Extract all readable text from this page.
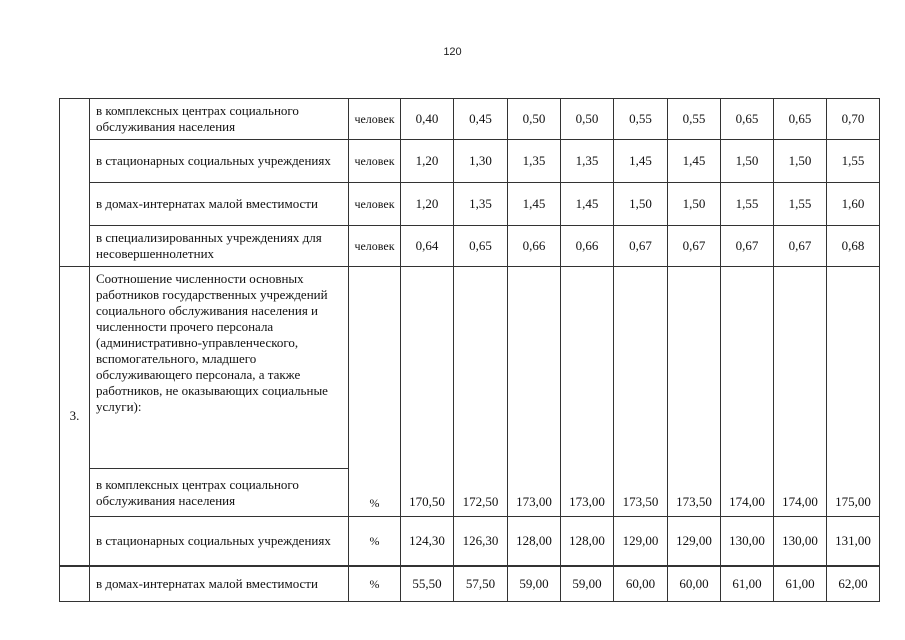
120
	в комплексных центрах социального обслуживания населения	человек	0,40	0,45	0,50	0,50	0,55	0,55	0,65	0,65	0,70
	в стационарных социальных учреждениях	человек	1,20	1,30	1,35	1,35	1,45	1,45	1,50	1,50	1,55
	в домах-интернатах малой вместимости	человек	1,20	1,35	1,45	1,45	1,50	1,50	1,55	1,55	1,60
	в специализированных учреждениях для несовершеннолетних	человек	0,64	0,65	0,66	0,66	0,67	0,67	0,67	0,67	0,68
3.	Соотношение численности основных работников государственных учреждений социального обслуживания населения и численности прочего персонала (административно-управленческого, вспомогательного, младшего обслуживающего персонала, а также работников, не оказывающих социальные услуги):										

	в комплексных центрах социального обслуживания населения	%	170,50	172,50	173,00	173,00	173,50	173,50	174,00	174,00	175,00
	в стационарных социальных учреждениях	%	124,30	126,30	128,00	128,00	129,00	129,00	130,00	130,00	131,00
	в домах-интернатах малой вместимости	%	55,50	57,50	59,00	59,00	60,00	60,00	61,00	61,00	62,00
